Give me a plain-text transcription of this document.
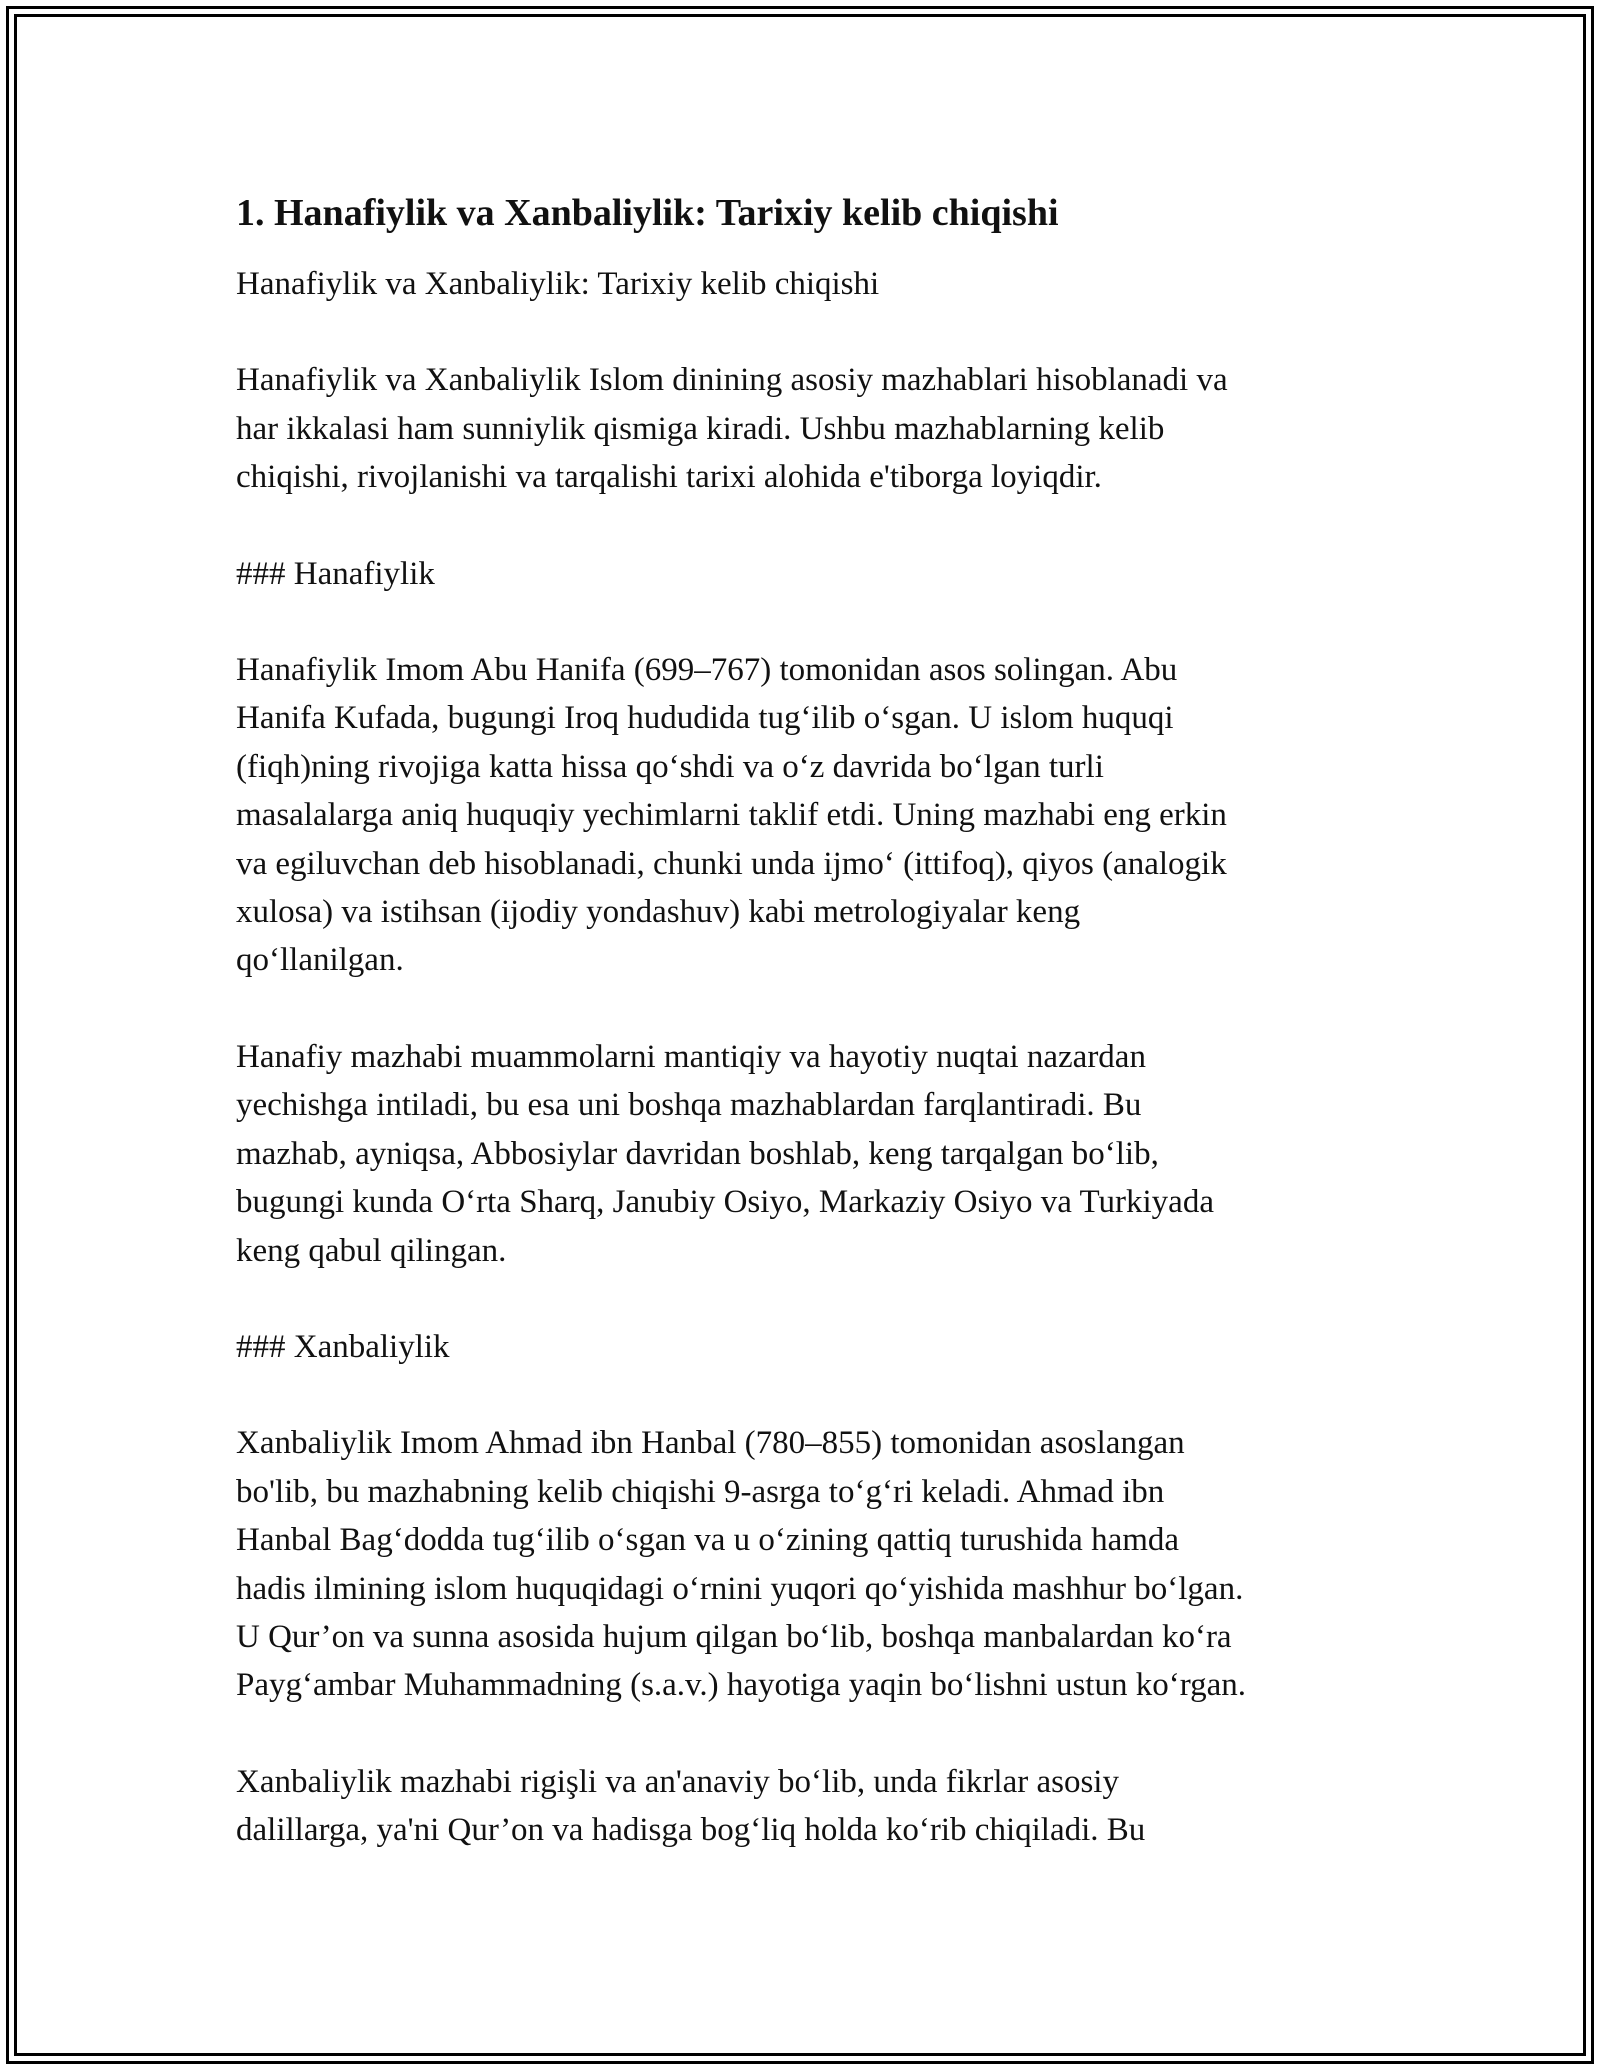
1. Hanafiylik va Xanbaliylik: Tarixiy kelib chiqishi

Hanafiylik va Xanbaliylik: Tarixiy kelib chiqishi

Hanafiylik va Xanbaliylik Islom dinining asosiy mazhablari hisoblanadi va
har ikkalasi ham sunniylik qismiga kiradi. Ushbu mazhablarning kelib
chiqishi, rivojlanishi va tarqalishi tarixi alohida e'tiborga loyiqdir.

### Hanafiylik

Hanafiylik Imom Abu Hanifa (699–767) tomonidan asos solingan. Abu
Hanifa Kufada, bugungi Iroq hududida tug‘ilib o‘sgan. U islom huquqi
(fiqh)ning rivojiga katta hissa qo‘shdi va o‘z davrida bo‘lgan turli
masalalarga aniq huquqiy yechimlarni taklif etdi. Uning mazhabi eng erkin
va egiluvchan deb hisoblanadi, chunki unda ijmo‘ (ittifoq), qiyos (analogik
xulosa) va istihsan (ijodiy yondashuv) kabi metrologiyalar keng
qo‘llanilgan.

Hanafiy mazhabi muammolarni mantiqiy va hayotiy nuqtai nazardan
yechishga intiladi, bu esa uni boshqa mazhablardan farqlantiradi. Bu
mazhab, ayniqsa, Abbosiylar davridan boshlab, keng tarqalgan bo‘lib,
bugungi kunda O‘rta Sharq, Janubiy Osiyo, Markaziy Osiyo va Turkiyada
keng qabul qilingan.

### Xanbaliylik

Xanbaliylik Imom Ahmad ibn Hanbal (780–855) tomonidan asoslangan
bo'lib, bu mazhabning kelib chiqishi 9-asrga to‘g‘ri keladi. Ahmad ibn
Hanbal Bag‘dodda tug‘ilib o‘sgan va u o‘zining qattiq turushida hamda
hadis ilmining islom huquqidagi o‘rnini yuqori qo‘yishida mashhur bo‘lgan.
U Qur’on va sunna asosida hujum qilgan bo‘lib, boshqa manbalardan ko‘ra
Payg‘ambar Muhammadning (s.a.v.) hayotiga yaqin bo‘lishni ustun ko‘rgan.

Xanbaliylik mazhabi rigişli va an'anaviy bo‘lib, unda fikrlar asosiy
dalillarga, ya'ni Qur’on va hadisga bog‘liq holda ko‘rib chiqiladi. Bu
